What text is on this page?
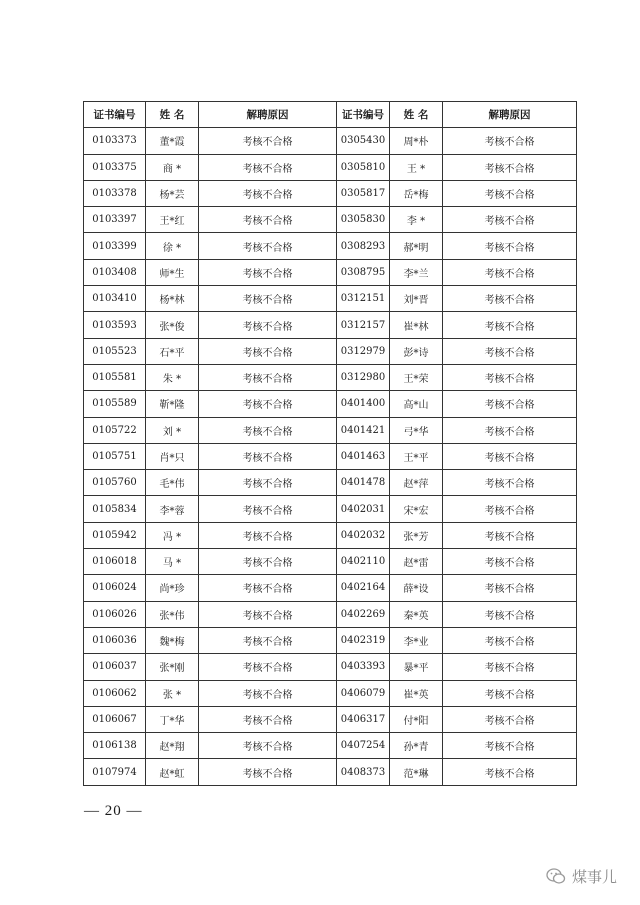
证书编号	姓 名	解聘原因	证书编号	姓 名	解聘原因
0103373	董*霞	考核不合格	0305430	周*朴	考核不合格
0103375	商 *	考核不合格	0305810	王 *	考核不合格
0103378	杨*芸	考核不合格	0305817	岳*梅	考核不合格
0103397	王*红	考核不合格	0305830	李 *	考核不合格
0103399	徐 *	考核不合格	0308293	郝*明	考核不合格
0103408	师*生	考核不合格	0308795	李*兰	考核不合格
0103410	杨*林	考核不合格	0312151	刘*晋	考核不合格
0103593	张*俊	考核不合格	0312157	崔*林	考核不合格
0105523	石*平	考核不合格	0312979	彭*诗	考核不合格
0105581	朱 *	考核不合格	0312980	王*荣	考核不合格
0105589	靳*隆	考核不合格	0401400	高*山	考核不合格
0105722	刘 *	考核不合格	0401421	弓*华	考核不合格
0105751	肖*只	考核不合格	0401463	王*平	考核不合格
0105760	毛*伟	考核不合格	0401478	赵*萍	考核不合格
0105834	李*蓉	考核不合格	0402031	宋*宏	考核不合格
0105942	冯 *	考核不合格	0402032	张*芳	考核不合格
0106018	马 *	考核不合格	0402110	赵*雷	考核不合格
0106024	尚*珍	考核不合格	0402164	薛*设	考核不合格
0106026	张*伟	考核不合格	0402269	秦*英	考核不合格
0106036	魏*梅	考核不合格	0402319	李*业	考核不合格
0106037	张*刚	考核不合格	0403393	暴*平	考核不合格
0106062	张 *	考核不合格	0406079	崔*英	考核不合格
0106067	丁*华	考核不合格	0406317	付*阳	考核不合格
0106138	赵*翔	考核不合格	0407254	孙*青	考核不合格
0107974	赵*虹	考核不合格	0408373	范*琳	考核不合格
— 20 —
煤事儿
